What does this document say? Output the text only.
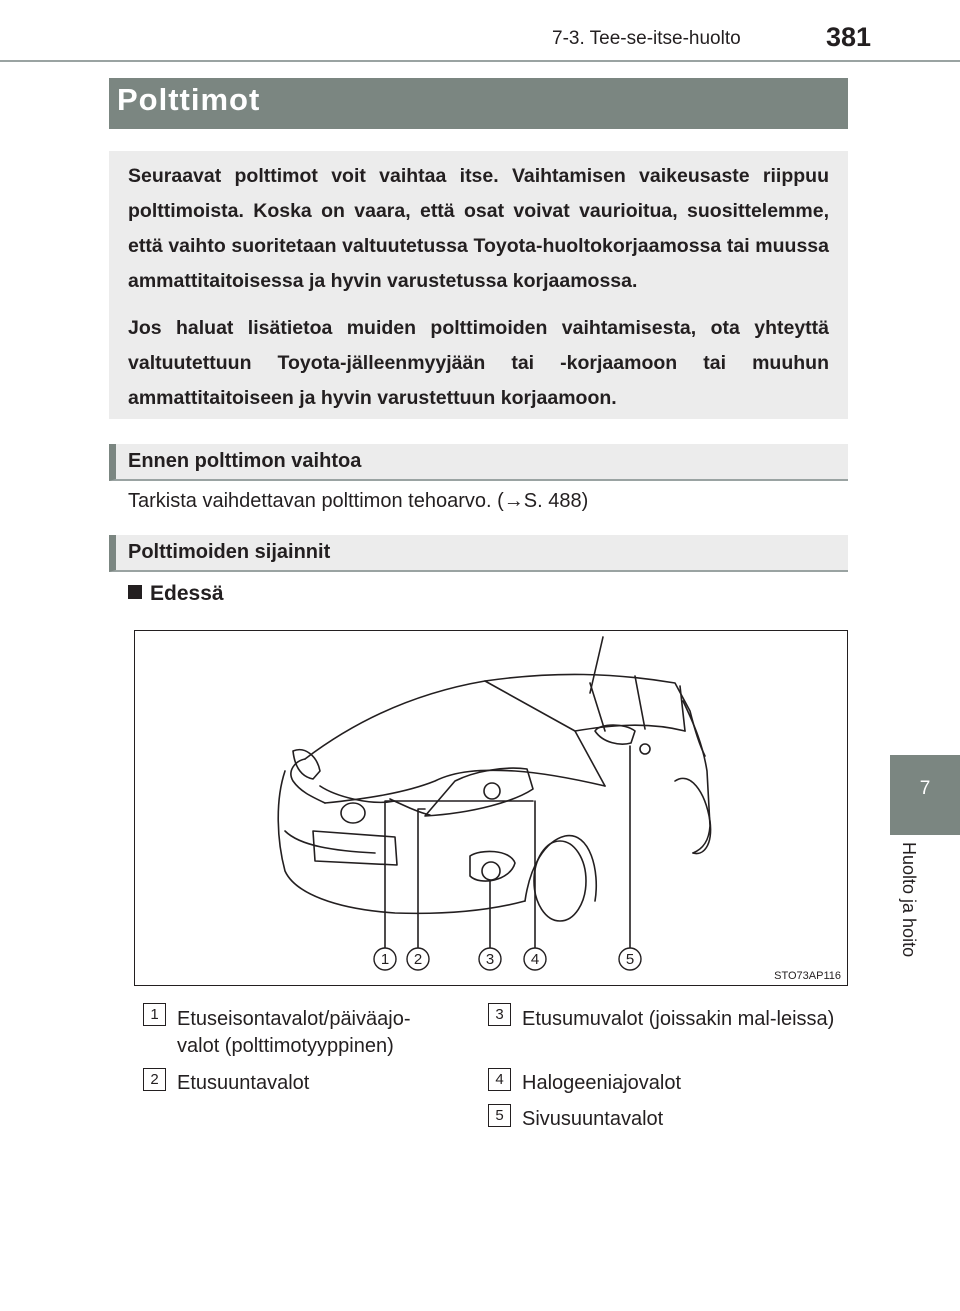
7-3. Tee-se-itse-huolto	381
7
Huolto ja hoito
Polttimot

Seuraavat polttimot voit vaihtaa itse. Vaihtamisen vaikeusaste riippuu polttimoista. Koska on vaara, että osat voivat vaurioitua, suosittelemme, että vaihto suoritetaan valtuutetussa Toyota-huoltokorjaamossa tai muussa ammattitaitoisessa ja hyvin varustetussa korjaamossa.

Jos haluat lisätietoa muiden polttimoiden vaihtamisesta, ota yhteyttä valtuutettuun Toyota-jälleenmyyjään tai -korjaamoon tai muuhun ammattitaitoiseen ja hyvin varustettuun korjaamoon.

Ennen polttimon vaihtoa
Tarkista vaihdettavan polttimon tehoarvo. (→S. 488)
Polttimoiden sijainnit
Edessä
1 2	3 4	5
STO73AP116
1 Etuseisontavalot/päiväajo-valot (polttimotyyppinen)
2 Etusuuntavalot
3 Etusumuvalot (joissakin mal-leissa)
4 Halogeeniajovalot
5 Sivusuuntavalot
